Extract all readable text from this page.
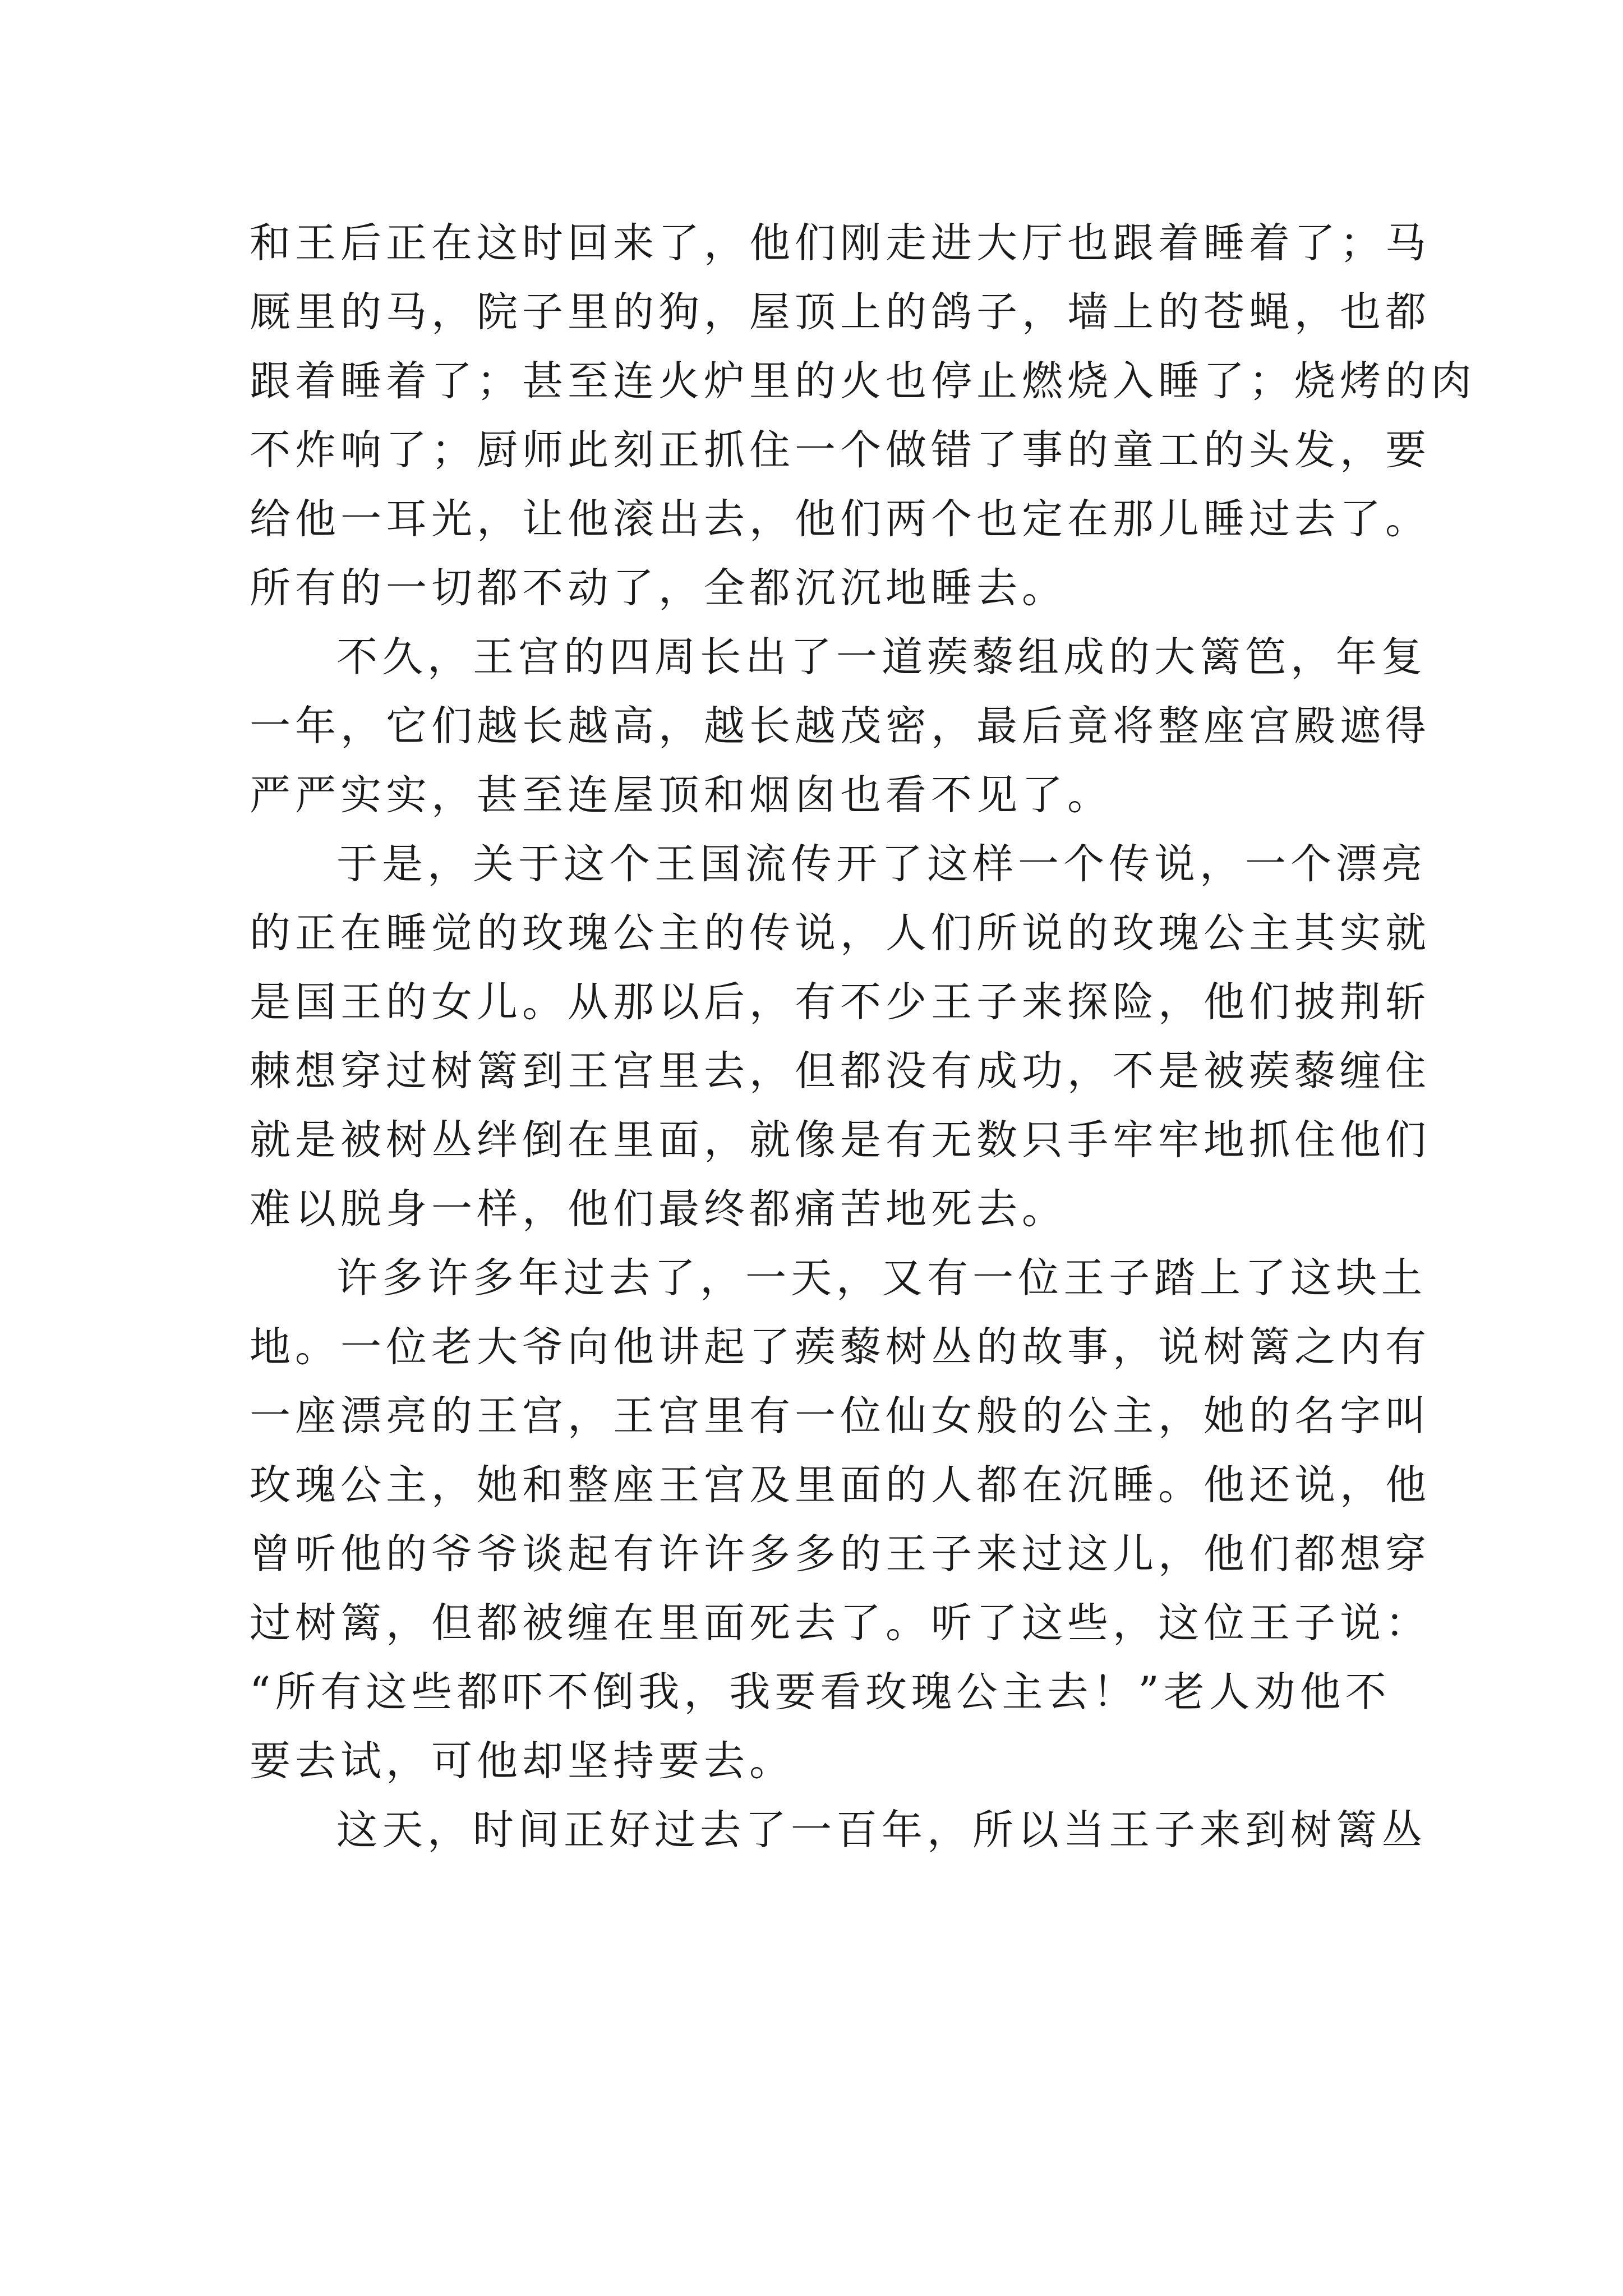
和王后正在这时回来了，他们刚走进大厅也跟着睡着了；马
厩里的马，院子里的狗，屋顶上的鸽子，墙上的苍蝇，也都
跟着睡着了；甚至连火炉里的火也停止燃烧入睡了；烧烤的肉
不炸响了；厨师此刻正抓住一个做错了事的童工的头发，要
给他一耳光，让他滚出去，他们两个也定在那儿睡过去了。
所有的一切都不动了，全都沉沉地睡去。
不久，王宫的四周长出了一道蒺藜组成的大篱笆，年复
一年，它们越长越高，越长越茂密，最后竟将整座宫殿遮得
严严实实，甚至连屋顶和烟囱也看不见了。
于是，关于这个王国流传开了这样一个传说，一个漂亮
的正在睡觉的玫瑰公主的传说，人们所说的玫瑰公主其实就
是国王的女儿。从那以后，有不少王子来探险，他们披荆斩
棘想穿过树篱到王宫里去，但都没有成功，不是被蒺藜缠住
就是被树丛绊倒在里面，就像是有无数只手牢牢地抓住他们
难以脱身一样，他们最终都痛苦地死去。
许多许多年过去了，一天，又有一位王子踏上了这块土
地。一位老大爷向他讲起了蒺藜树丛的故事，说树篱之内有
一座漂亮的王宫，王宫里有一位仙女般的公主，她的名字叫
玫瑰公主，她和整座王宫及里面的人都在沉睡。他还说，他
曾听他的爷爷谈起有许许多多的王子来过这儿，他们都想穿
过树篱，但都被缠在里面死去了。听了这些，这位王子说：
“所有这些都吓不倒我，我要看玫瑰公主去！”老人劝他不
要去试，可他却坚持要去。
这天，时间正好过去了一百年，所以当王子来到树篱丛
